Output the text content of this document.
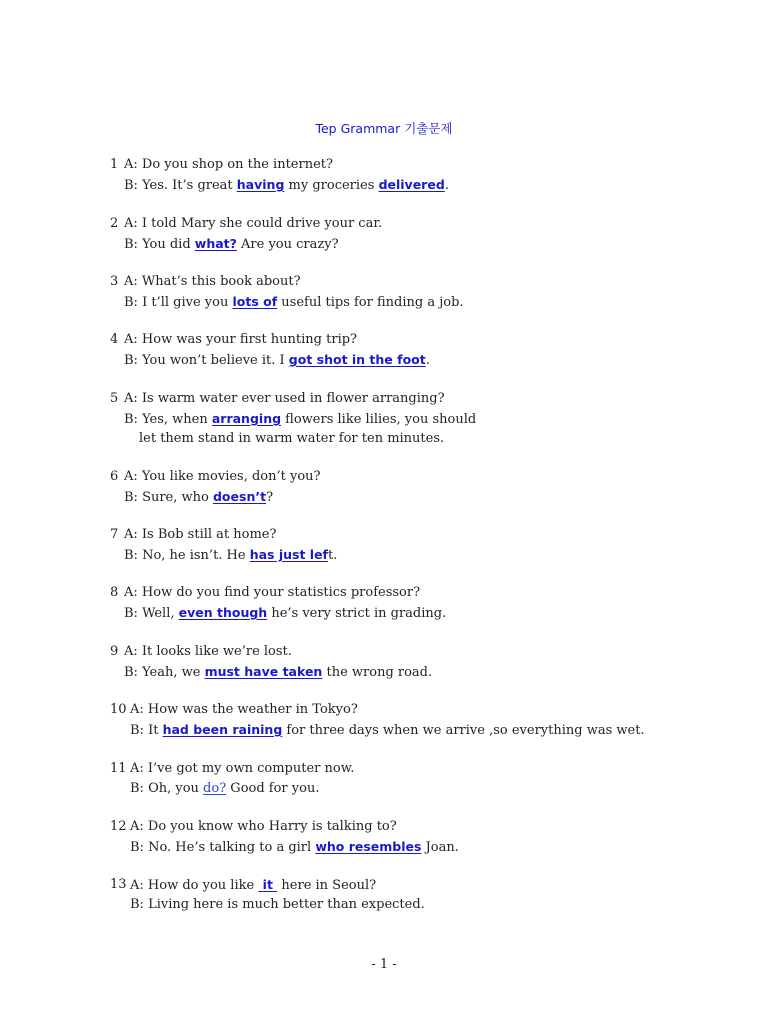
Tep Grammar 기출문제
1 A: Do you shop on the internet?
B: Yes. It’s great having my groceries delivered.
2 A: I told Mary she could drive your car.
B: You did what? Are you crazy?
3 A: What’s this book about?
B: I t’ll give you lots of useful tips for finding a job.
4 A: How was your first hunting trip?
B: You won’t believe it. I got shot in the foot.
5 A: Is warm water ever used in flower arranging?
B: Yes, when arranging flowers like lilies, you should
let them stand in warm water for ten minutes.
6 A: You like movies, don’t you?
B: Sure, who doesn’t?
7 A: Is Bob still at home?
B: No, he isn’t. He has just left.
8 A: How do you find your statistics professor?
B: Well, even though he’s very strict in grading.
9 A: It looks like we’re lost.
B: Yeah, we must have taken the wrong road.
10 A: How was the weather in Tokyo?
B: It had been raining for three days when we arrive ,so everything was wet.
11 A: I’ve got my own computer now.
B: Oh, you do? Good for you.
12 A: Do you know who Harry is talking to?
B: No. He’s talking to a girl who resembles Joan.
13 A: How do you like  it  here in Seoul?
B: Living here is much better than expected.
- 1 -
